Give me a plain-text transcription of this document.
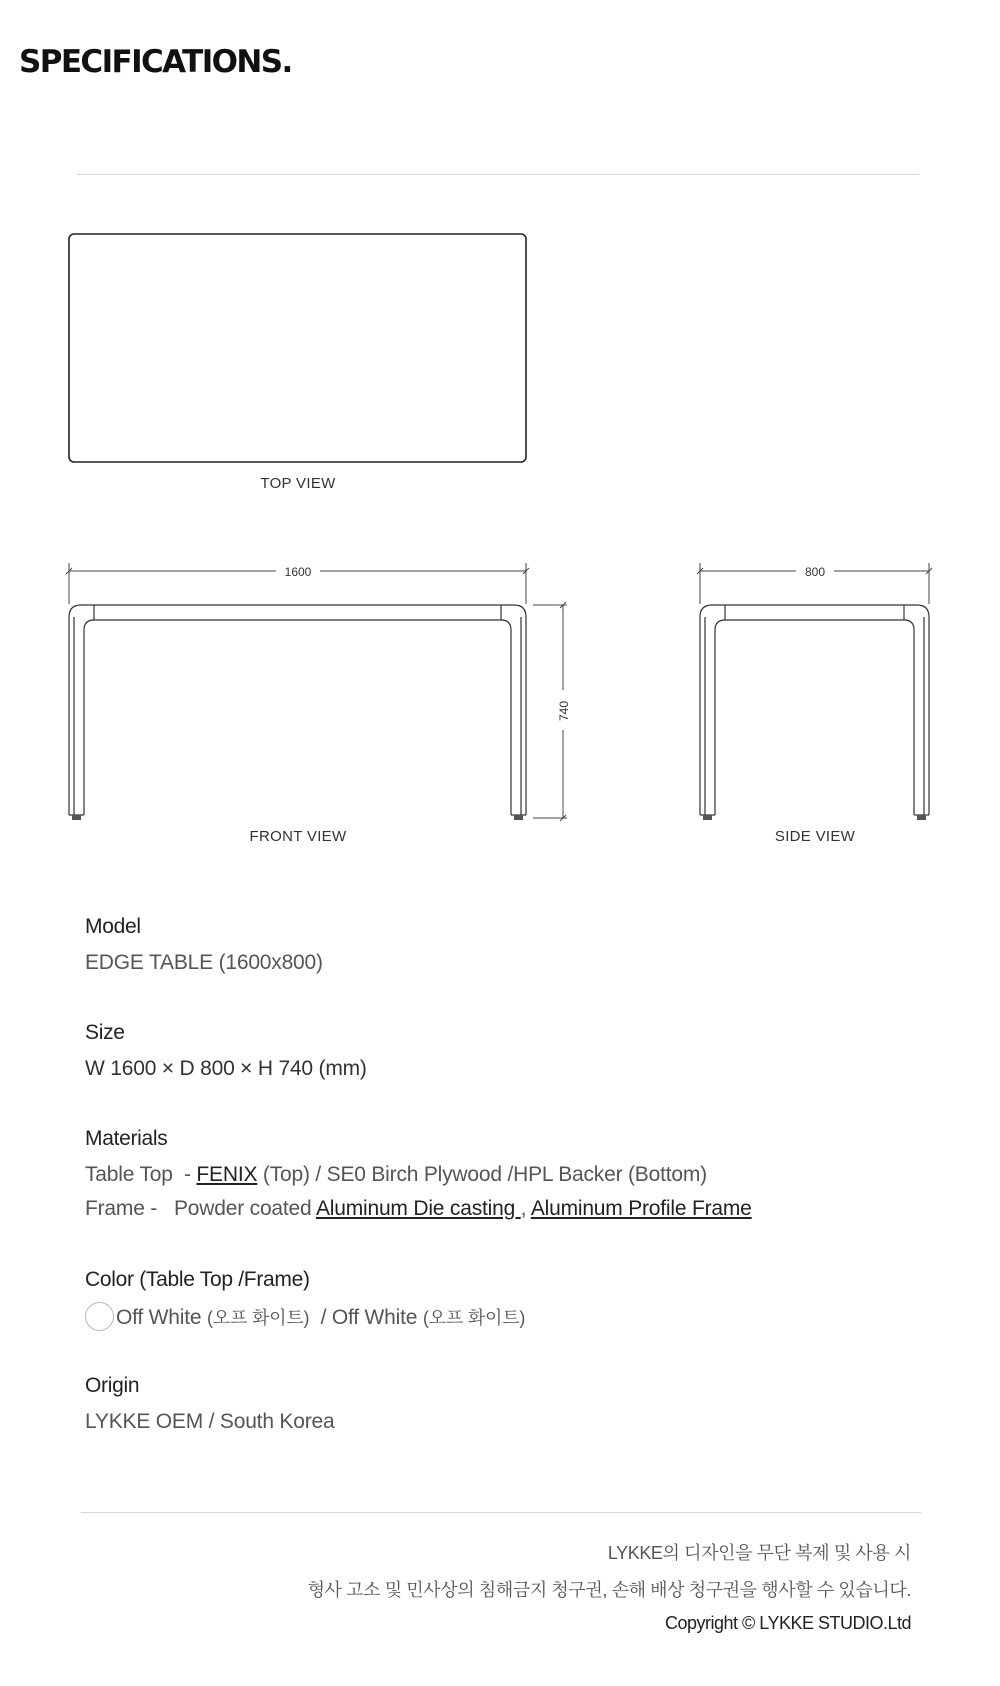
SPECIFICATIONS.
1600
740
800
TOP VIEW
FRONT VIEW	SIDE VIEW

Model

EDGE TABLE (1600x800)

Size

W 1600 × D 800 × H 740 (mm)

Materials

Table Top  - FENIX (Top) / SE0 Birch Plywood /HPL Backer (Bottom)

Frame -   Powder coated Aluminum Die casting , Aluminum Profile Frame

Color (Table Top /Frame)

Off White (오프 화이트)  / Off White (오프 화이트)

Origin

LYKKE OEM / South Korea

LYKKE의 디자인을 무단 복제 및 사용 시

형사 고소 및 민사상의 침해금지 청구권, 손해 배상 청구권을 행사할 수 있습니다.

Copyright © LYKKE STUDIO.Ltd
